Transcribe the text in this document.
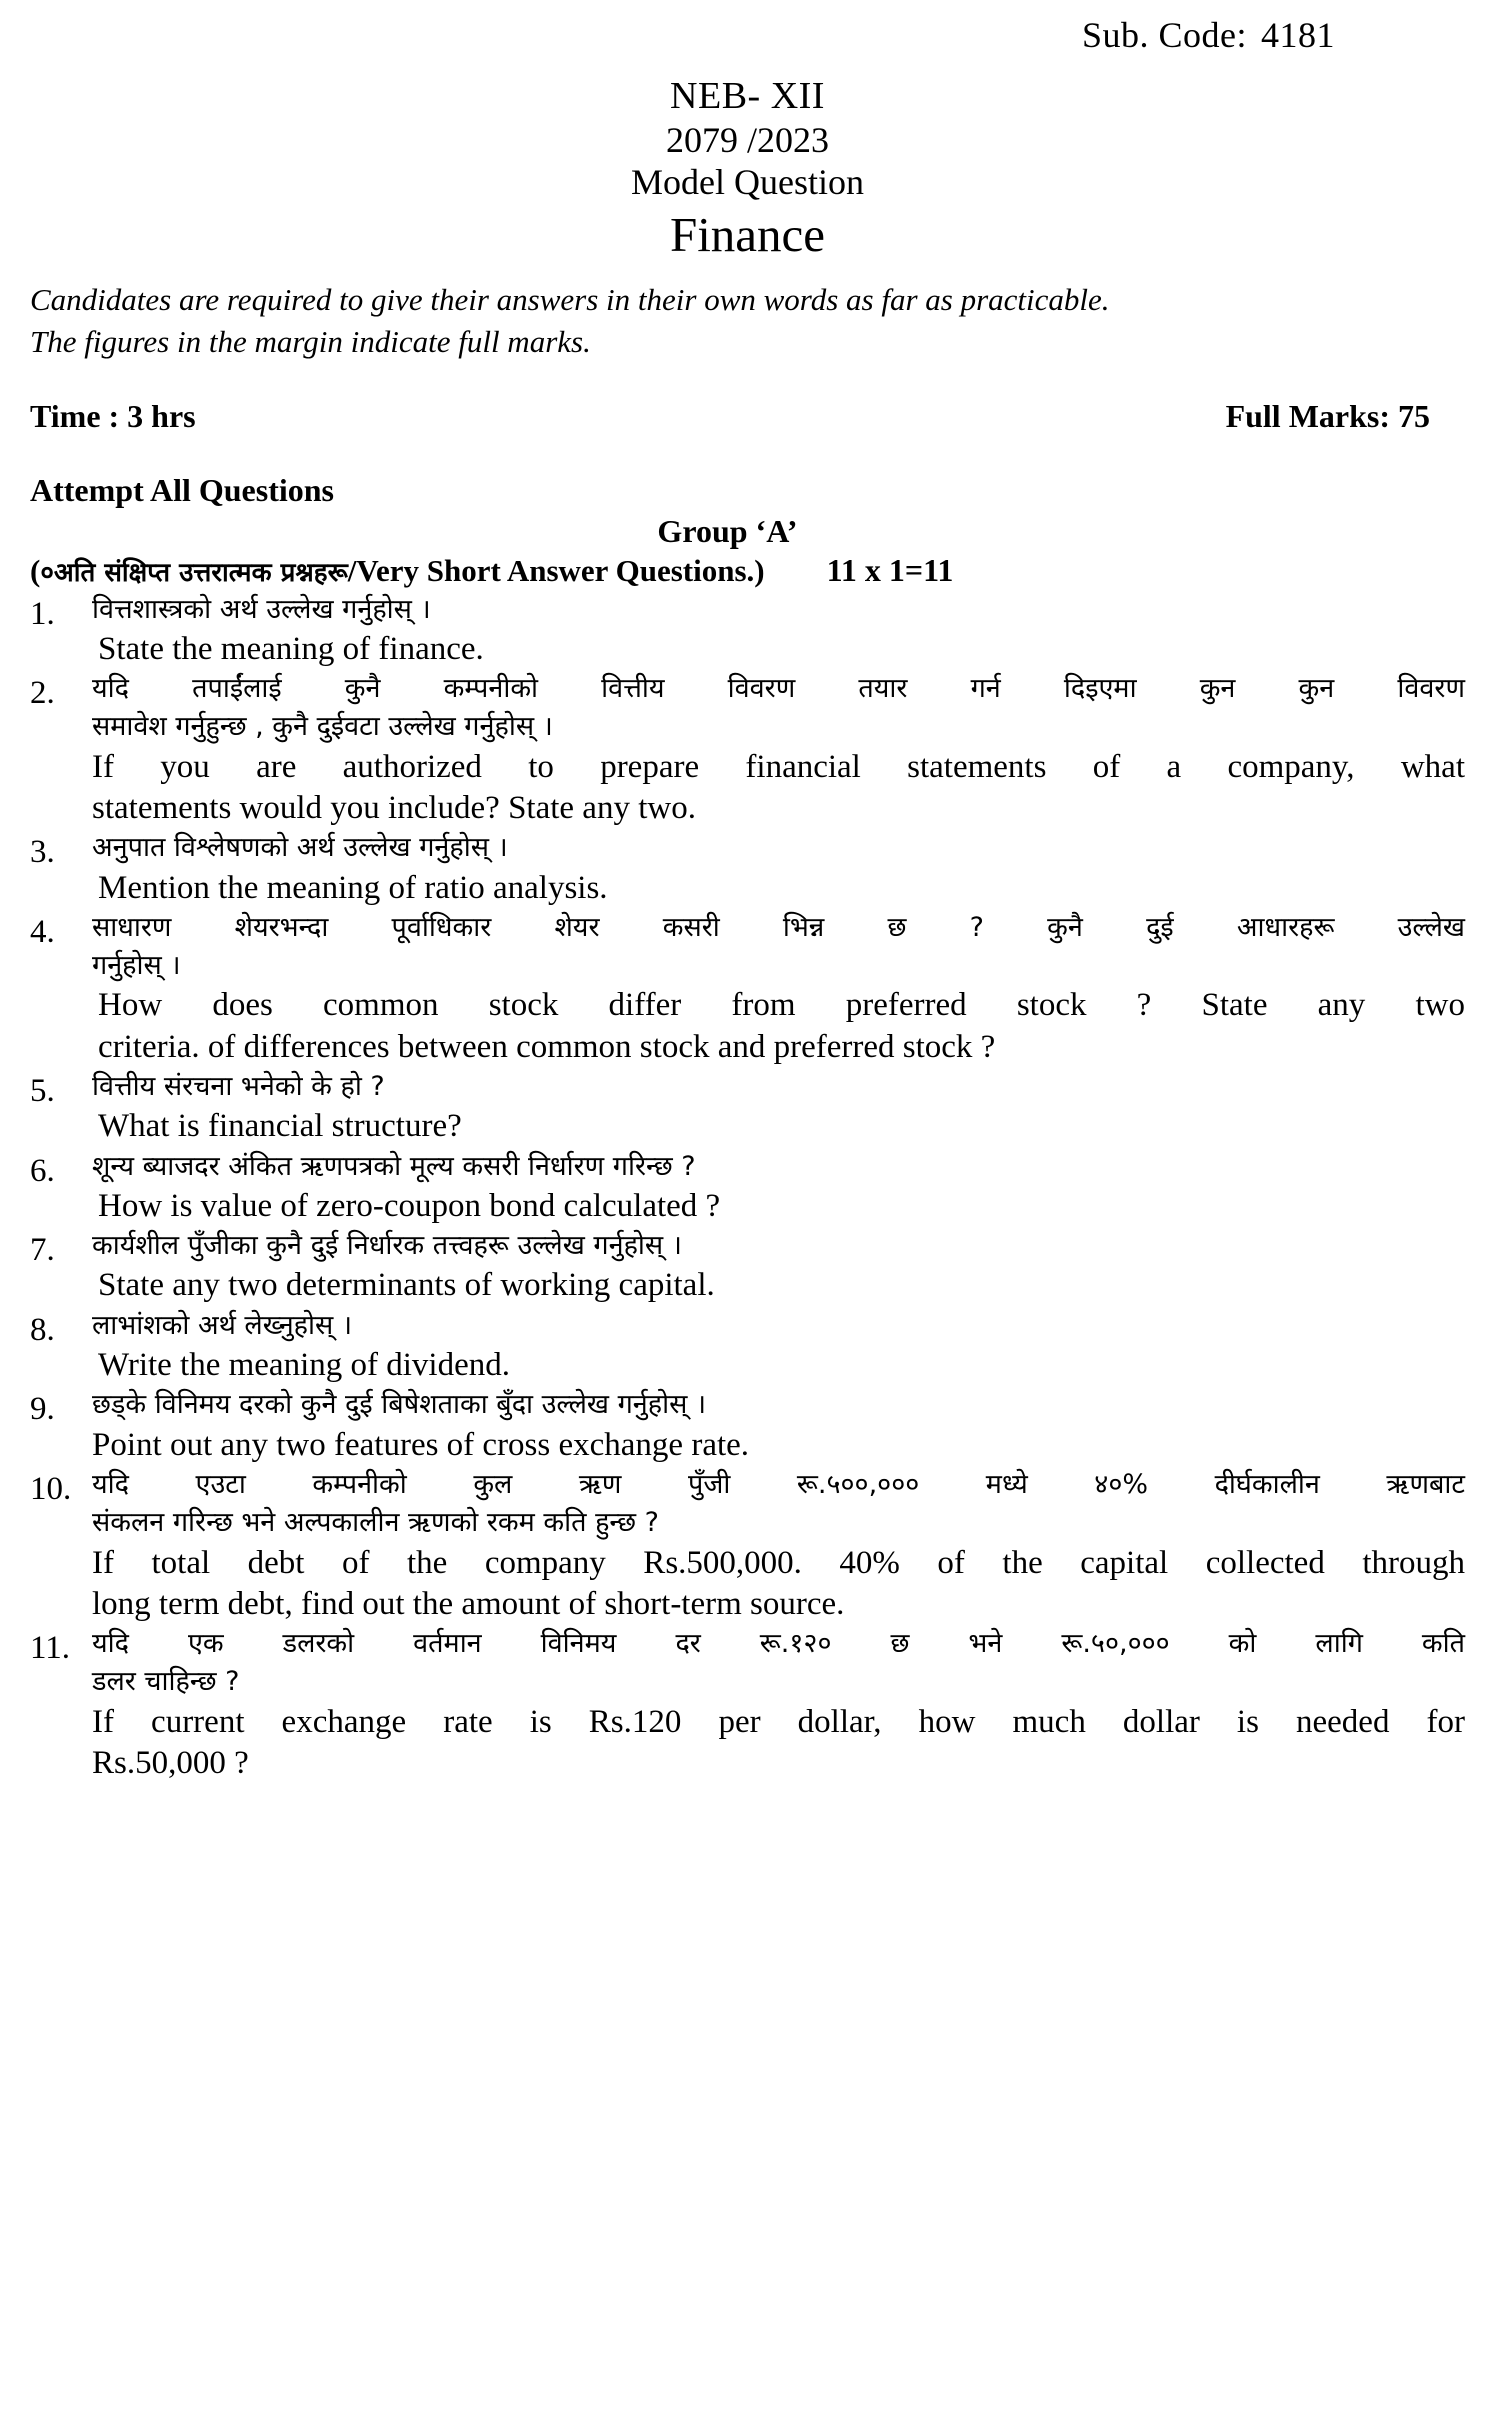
Sub. Code: 4181
NEB- XII
2079 /2023
Model Question
Finance
Candidates are required to give their answers in their own words as far as practicable.
The figures in the margin indicate full marks.
Time : 3 hrs	Full Marks: 75
Attempt All Questions
Group ‘A’
(०अति संक्षिप्त उत्तरात्मक प्रश्नहरू/Very Short Answer Questions.) 11 x 1=11
1.	वित्तशास्त्रको अर्थ उल्लेख गर्नुहोस् ।
State the meaning of finance.
2.	यदि तपाईंलाई कुनै कम्पनीको वित्तीय विवरण तयार गर्न दिइएमा कुन कुन विवरण
समावेश गर्नुहुन्छ , कुनै दुईवटा उल्लेख गर्नुहोस् ।
If you are authorized to prepare financial statements of a company, what
statements would you include? State any two.
3.	अनुपात विश्लेषणको अर्थ उल्लेख गर्नुहोस् ।
Mention the meaning of ratio analysis.
4.	साधारण शेयरभन्दा पूर्वाधिकार शेयर कसरी भिन्न छ ? कुनै दुई आधारहरू उल्लेख
गर्नुहोस् ।
How does common stock differ from preferred stock ? State any two
criteria. of differences between common stock and preferred stock ?
5.	वित्तीय संरचना भनेको के हो ?
What is financial structure?
6.	शून्य ब्याजदर अंकित ऋणपत्रको मूल्य कसरी निर्धारण गरिन्छ ?
How is value of zero-coupon bond calculated ?
7.	कार्यशील पुँजीका कुनै दुई निर्धारक तत्त्वहरू उल्लेख गर्नुहोस् ।
State any two determinants of working capital.
8.	लाभांशको अर्थ लेख्नुहोस् ।
Write the meaning of dividend.
9.	छड्के विनिमय दरको कुनै दुई बिषेशताका बुँदा उल्लेख गर्नुहोस् ।
Point out any two features of cross exchange rate.
10. यदि एउटा कम्पनीको कुल ऋण पुँजी रू.५००,००० मध्ये ४०% दीर्घकालीन ऋणबाट
संकलन गरिन्छ भने अल्पकालीन ऋणको रकम कति हुन्छ ?
If total debt of the company Rs.500,000. 40% of the capital collected through
long term debt, find out the amount of short-term source.
11. यदि एक डलरको वर्तमान विनिमय दर रू.१२० छ भने रू.५०,००० को लागि कति
डलर चाहिन्छ ?
If current exchange rate is Rs.120 per dollar, how much dollar is needed for
Rs.50,000 ?
